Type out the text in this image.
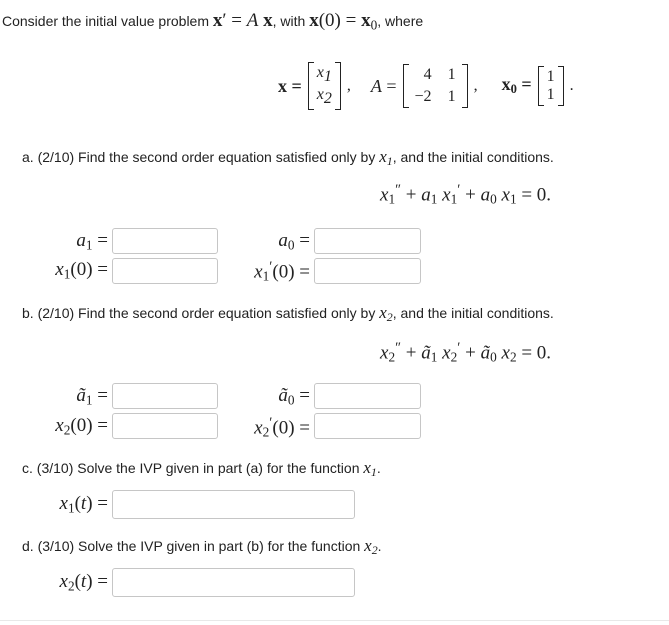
Consider the initial value problem x′ = A x, with $x(0) = x_0$, where
x =
x1
x2
, A =
4 1
−2 1
, $x_0 = 1$
1
.
a. (2/10) Find the second order equation satisfied only by $x_1$, and the initial conditions.
$x_1'' + a_1$ $x_1' + a_0$ $x_1 = 0$.
$a_1$ =	$a_0$ =
$x_1(0)$ =	$x_1'(0)$ =
b. (2/10) Find the second order equation satisfied only by $x_2$, and the initial conditions.
$x_2''$ + $ã_1$ $x_2'$ + $ã_0$ $x_2 = 0$.
$ã_1$ =	$ã_0$ =
$x_2(0)$ =	$x_2'(0)$ =
c. (3/10) Solve the IVP given in part (a) for the function $x_1$.
$x_1(t)$ =
d. (3/10) Solve the IVP given in part (b) for the function $x_2$.
$x_2(t)$ =
